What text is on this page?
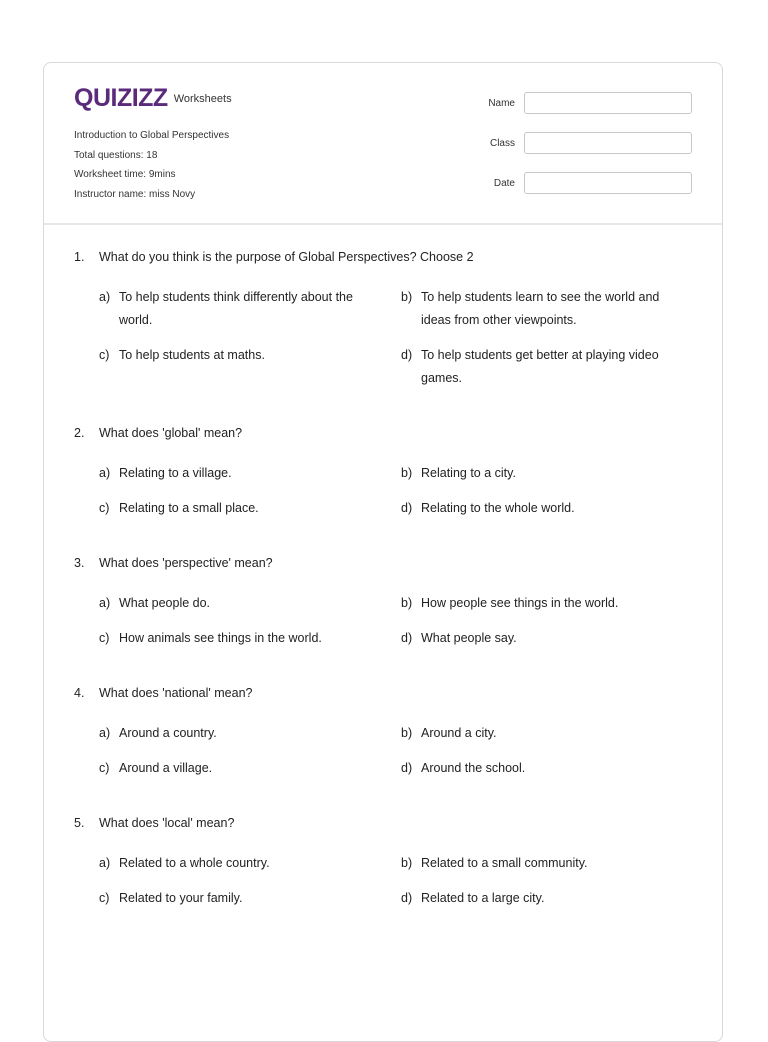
QUIZIZZ Worksheets
Introduction to Global Perspectives
Total questions: 18
Worksheet time: 9mins
Instructor name: miss Novy
Name
Class
Date
1.	What do you think is the purpose of Global Perspectives? Choose 2
a) To help students think differently about the world.
b) To help students learn to see the world and ideas from other viewpoints.
c) To help students at maths.	d) To help students get better at playing video games.
2.	What does 'global' mean?
a) Relating to a village.	b) Relating to a city.
c) Relating to a small place.	d) Relating to the whole world.
3.	What does 'perspective' mean?
a) What people do.	b) How people see things in the world.
c) How animals see things in the world.	d) What people say.
4.	What does 'national' mean?
a) Around a country.	b) Around a city.
c) Around a village.	d) Around the school.
5.	What does 'local' mean?
a) Related to a whole country.	b) Related to a small community.
c) Related to your family.	d) Related to a large city.
